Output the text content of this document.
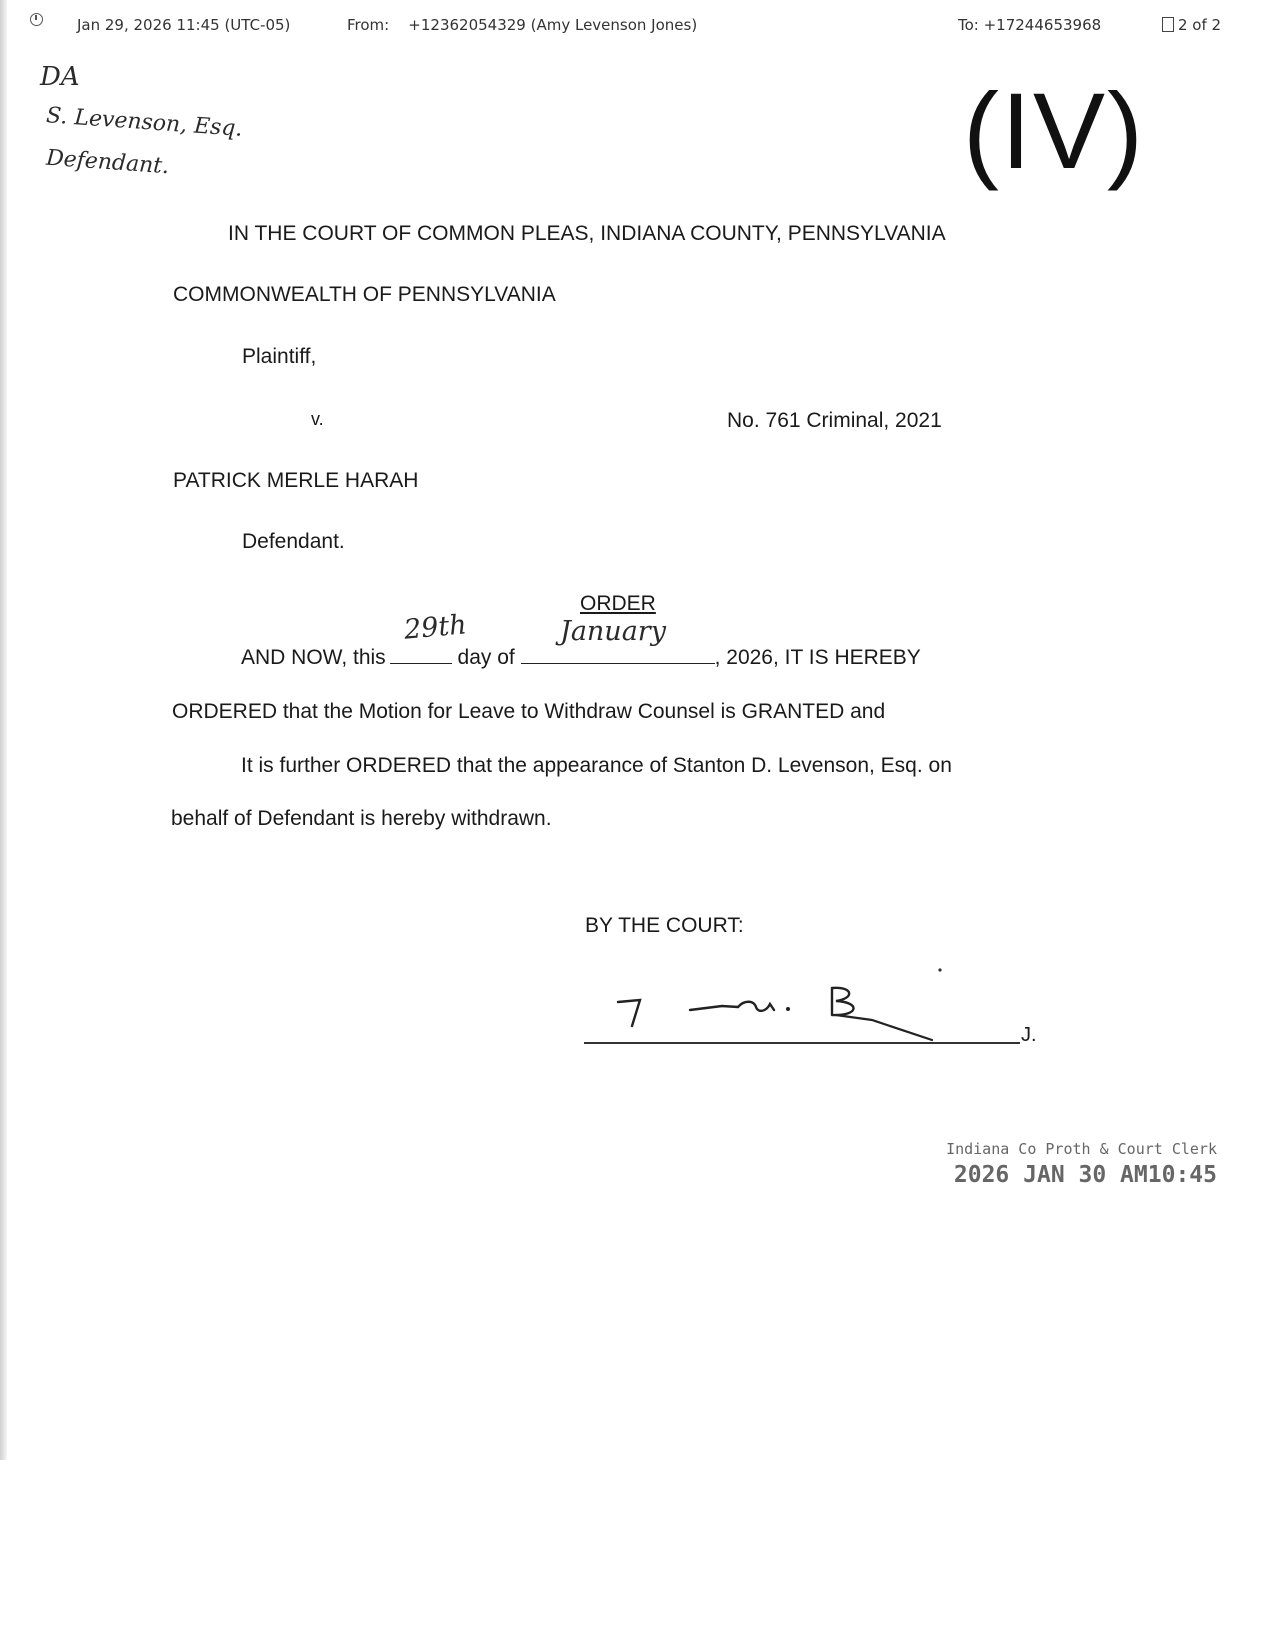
Jan 29, 2026 11:45 (UTC-05)	From: +12362054329 (Amy Levenson Jones)	To: +17244653968	2 of 2
DA
S. Levenson, Esq.
Defendant.	(IV)
IN THE COURT OF COMMON PLEAS, INDIANA COUNTY, PENNSYLVANIA
COMMONWEALTH OF PENNSYLVANIA
Plaintiff,
v.	No. 761 Criminal, 2021
PATRICK MERLE HARAH
Defendant.
ORDER
29th	January
AND NOW, this	day of	, 2026, IT IS HEREBY
ORDERED that the Motion for Leave to Withdraw Counsel is GRANTED and
It is further ORDERED that the appearance of Stanton D. Levenson, Esq. on
behalf of Defendant is hereby withdrawn.
BY THE COURT:
J.
Indiana Co Proth & Court Clerk
2026 JAN 30 AM10:45
